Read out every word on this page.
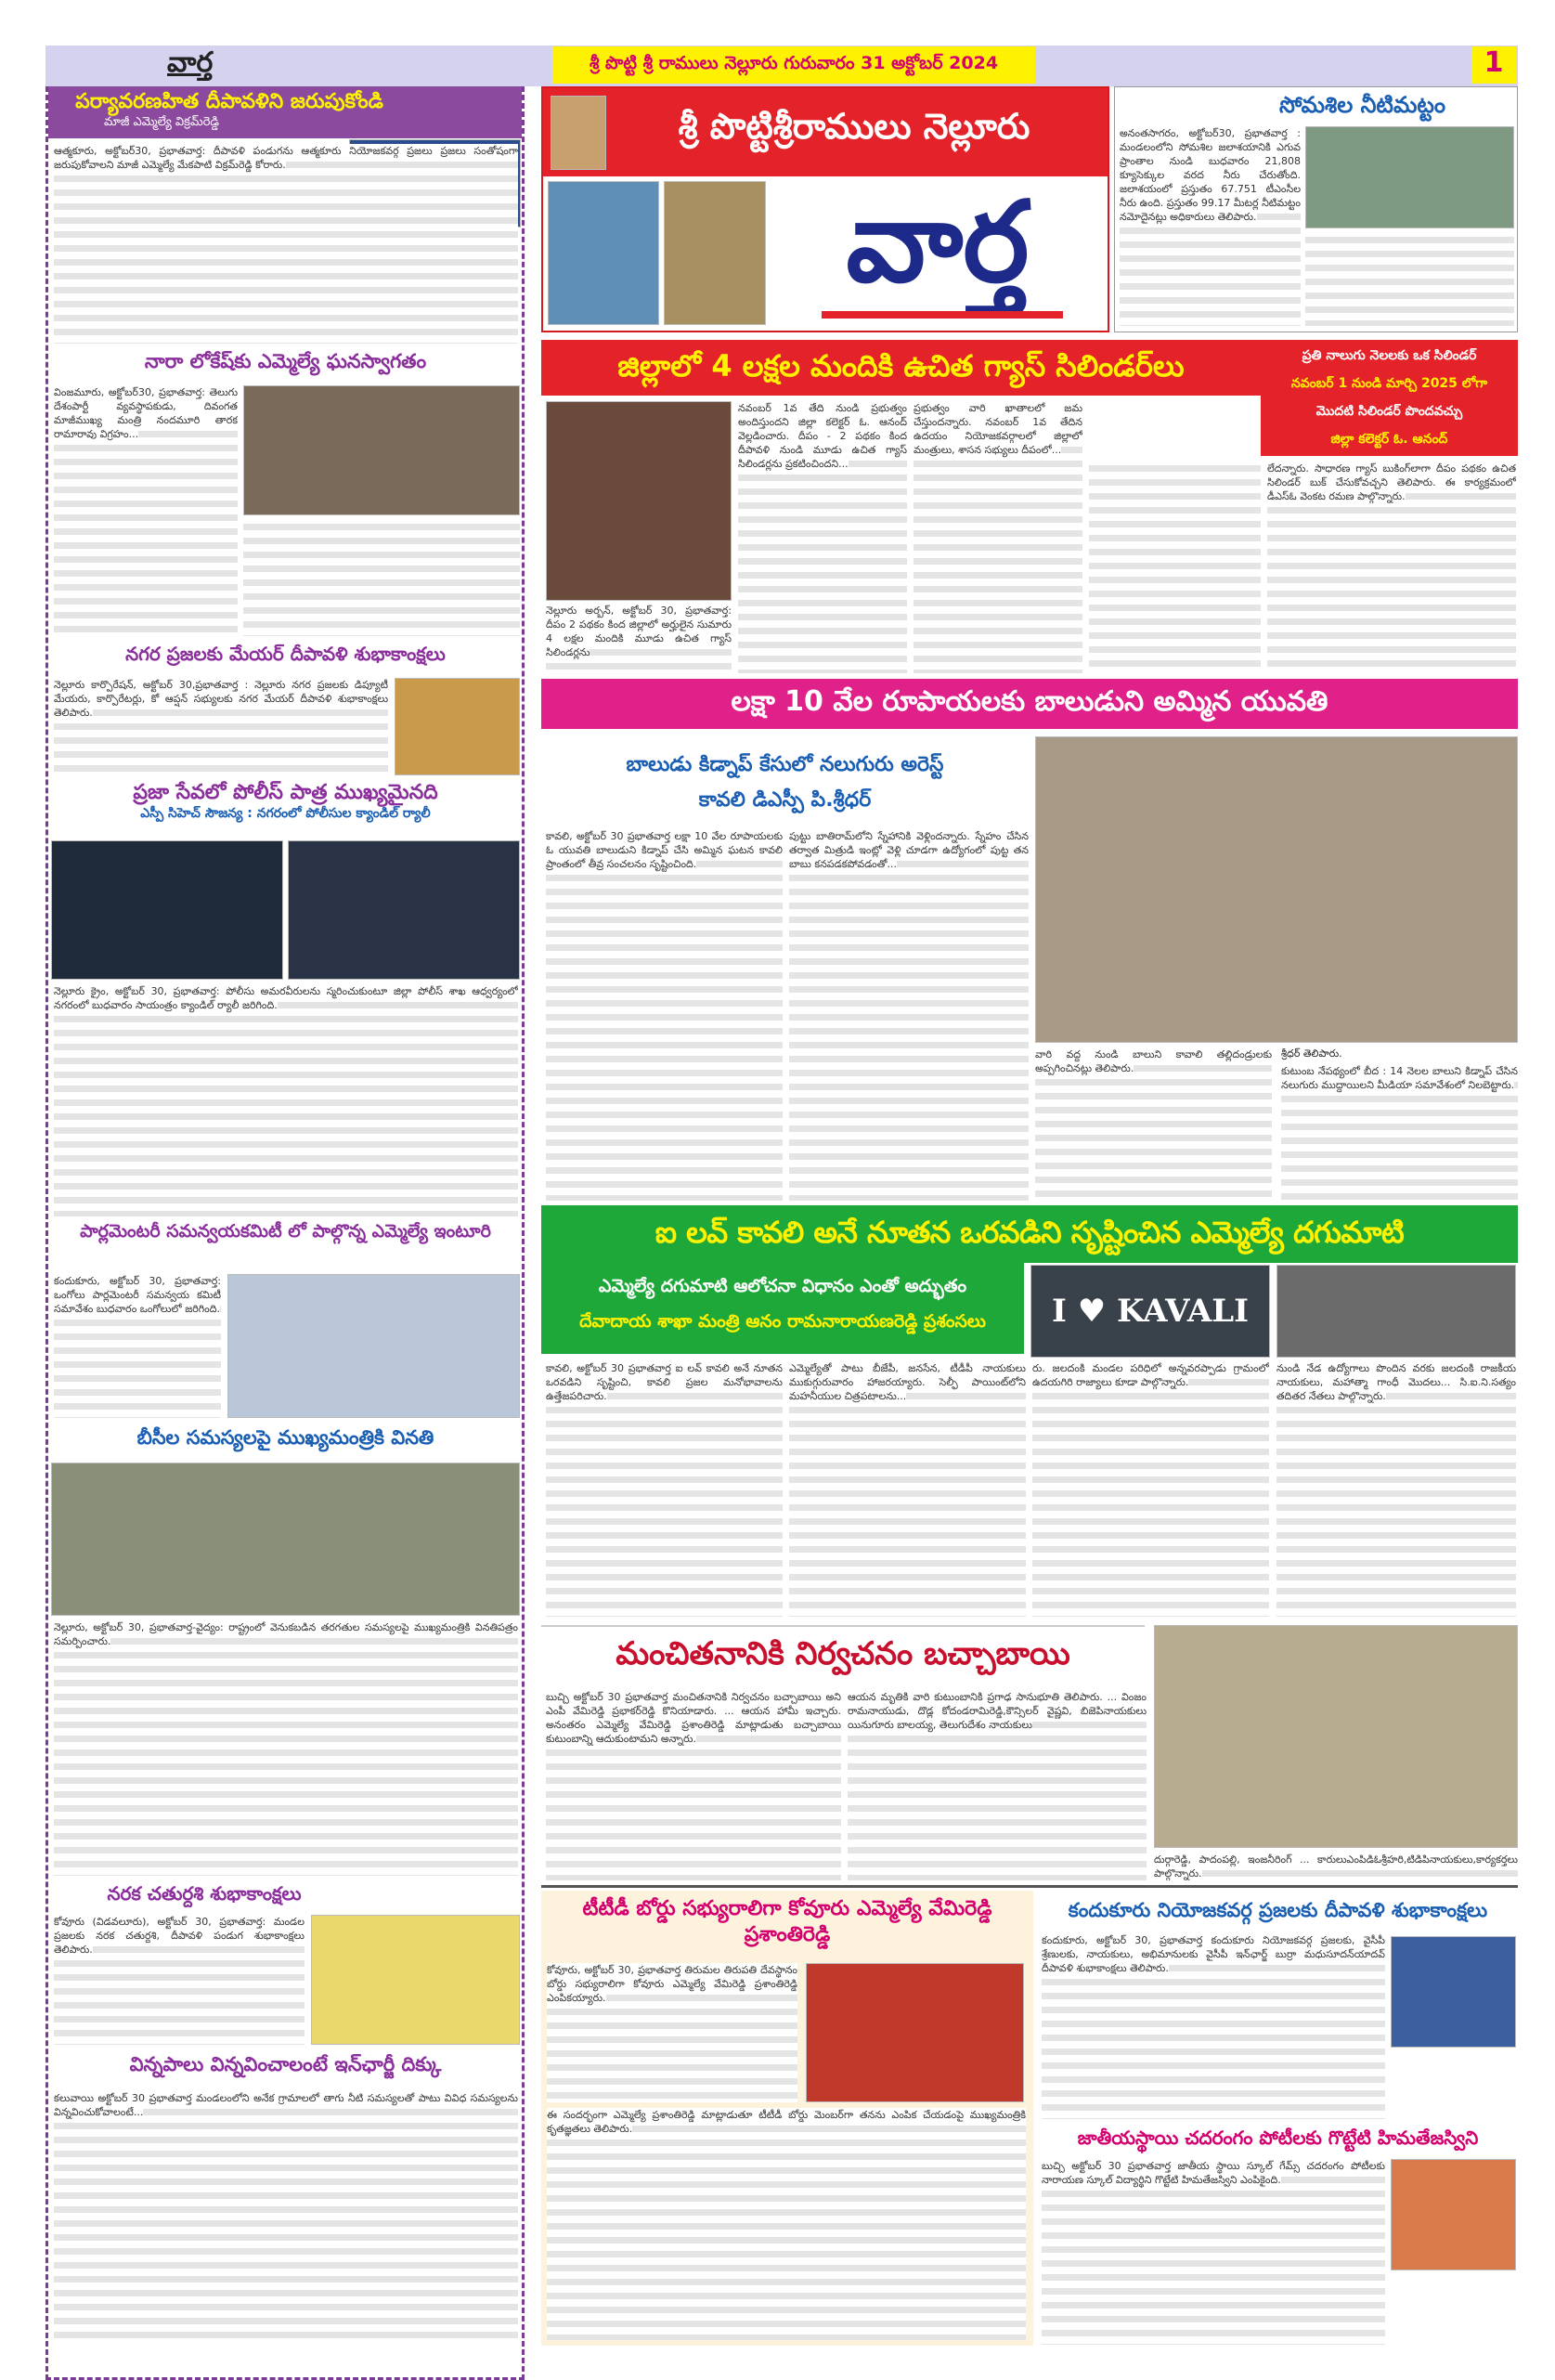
వార్త	శ్రీ పొట్టి శ్రీ రాములు నెల్లూరు గురువారం 31 అక్టోబర్ 2024	1
పర్యావరణహిత దీపావళిని జరుపుకోండి
మాజీ ఎమ్మెల్యే విక్రమ్‌రెడ్డి
ఆత్మకూరు, అక్టోబర్30, ప్రభాతవార్త: దీపావళి పండుగను ఆత్మకూరు నియోజకవర్గ ప్రజలు ప్రజలు సంతోషంగా జరుపుకోవాలని మాజీ ఎమ్మెల్యే మేకపాటి విక్రమ్‌రెడ్డి కోరారు.
నారా లోకేష్‌కు ఎమ్మెల్యే ఘనస్వాగతం
వింజమూరు, అక్టోబర్30, ప్రభాతవార్త: తెలుగు దేశంపార్టీ వ్యవస్థాపకుడు, దివంగత మాజీముఖ్య మంత్రి నందమూరి తారక రామారావు విగ్రహం...
నగర ప్రజలకు మేయర్ దీపావళి శుభాకాంక్షలు
నెల్లూరు కార్పొరేషన్, అక్టోబర్ 30,ప్రభాతవార్త : నెల్లూరు నగర ప్రజలకు డిప్యూటీ మేయరు, కార్పొరేటర్లు, కో ఆప్షన్ సభ్యులకు నగర మేయర్ దీపావళి శుభాకాంక్షలు తెలిపారు.
ప్రజా సేవలో పోలీస్ పాత్ర ముఖ్యమైనది
ఎస్పీ సిహెచ్ సౌజన్య : నగరంలో పోలీసుల క్యాండిల్ ర్యాలీ
నెల్లూరు క్రైం, అక్టోబర్ 30, ప్రభాతవార్త: పోలీసు అమరవీరులను స్మరించుకుంటూ జిల్లా పోలీస్ శాఖ ఆధ్వర్యంలో నగరంలో బుధవారం సాయంత్రం క్యాండిల్ ర్యాలీ జరిగింది.
పార్లమెంటరీ సమన్వయకమిటీ లో పాల్గొన్న ఎమ్మెల్యే ఇంటూరి
కందుకూరు, అక్టోబర్ 30, ప్రభాతవార్త: ఒంగోలు పార్లమెంటరీ సమన్వయ కమిటీ సమావేశం బుధవారం ఒంగోలులో జరిగింది.
బీసీల సమస్యలపై ముఖ్యమంత్రికి వినతి
నెల్లూరు, అక్టోబర్ 30, ప్రభాతవార్త-వైద్యం: రాష్ట్రంలో వెనుకబడిన తరగతుల సమస్యలపై ముఖ్యమంత్రికి వినతిపత్రం సమర్పించారు.
నరక చతుర్దశి శుభాకాంక్షలు
కోవూరు (విడవలూరు), అక్టోబర్ 30, ప్రభాతవార్త: మండల ప్రజలకు నరక చతుర్దశి, దీపావళి పండుగ శుభాకాంక్షలు తెలిపారు.
విన్నపాలు విన్నవించాలంటే ఇన్‌ఛార్జీ దిక్కు
కలువాయి అక్టోబర్ 30 ప్రభాతవార్త మండలంలోని అనేక గ్రామాలలో తాగు నీటి సమస్యలతో పాటు వివిధ సమస్యలను విన్నవించుకోవాలంటే...
శ్రీ పొట్టిశ్రీరాములు నెల్లూరు
వార్త
సోమశిల నీటిమట్టం
అనంతసాగరం, అక్టోబర్30, ప్రభాతవార్త : మండలంలోని సోమశిల జలాశయానికి ఎగువ ప్రాంతాల నుండి బుధవారం 21,808 క్యూసెక్కుల వరద నీరు చేరుతోంది. జలాశయంలో ప్రస్తుతం 67.751 టీఎంసీల నీరు ఉంది. ప్రస్తుతం 99.17 మీటర్ల నీటిమట్టం నమోదైనట్లు అధికారులు తెలిపారు.
జిల్లాలో 4 లక్షల మందికి ఉచిత గ్యాస్ సిలిండర్‌లు	ప్రతి నాలుగు నెలలకు ఒక సిలిండర్
నవంబర్ 1 నుండి మార్చి 2025 లోగా
మొదటి సిలిండర్ పొందవచ్చు
జిల్లా కలెక్టర్ ఓ. ఆనంద్
నెల్లూరు అర్బన్, అక్టోబర్ 30, ప్రభాతవార్త: దీపం 2 పథకం కింద జిల్లాలో అర్హులైన సుమారు 4 లక్షల మందికి మూడు ఉచిత గ్యాస్ సిలిండర్లను
నవంబర్ 1వ తేది నుండి ప్రభుత్వం అందిస్తుందని జిల్లా కలెక్టర్ ఓ. ఆనంద్ వెల్లడించారు. దీపం - 2 పథకం కింద దీపావళి నుండి మూడు ఉచిత గ్యాస్ సిలిండర్లను ప్రకటించిందని...
ప్రభుత్వం వారి ఖాతాలలో జమ చేస్తుందన్నారు. నవంబర్ 1వ తేదిన ఉదయం నియోజకవర్గాలలో జిల్లాలో మంత్రులు, శాసన సభ్యులు దీపంలో...
లేదన్నారు. సాధారణ గ్యాస్ బుకింగ్‌లాగా దీపం పథకం ఉచిత సిలిండర్ బుక్ చేసుకోవచ్చని తెలిపారు. ఈ కార్యక్రమంలో డీఎస్‌ఓ వెంకట రమణ పాల్గొన్నారు.
లక్షా 10 వేల రూపాయలకు బాలుడుని అమ్మిన యువతి
బాలుడు కిడ్నాప్ కేసులో నలుగురు అరెస్ట్
కావలి డిఎస్పీ పి.శ్రీధర్
కావలి, అక్టోబర్ 30 ప్రభాతవార్త లక్షా 10 వేల రూపాయలకు ఓ యువతి బాలుడుని కిడ్నాప్ చేసి అమ్మిన ఘటన కావలి ప్రాంతంలో తీవ్ర సంచలనం సృష్టించింది.
పుట్టు బాతిరామ్‌లోని స్నేహానికి వెళ్లిందన్నారు. స్నేహం చేసిన తర్వాత మిత్రుడి ఇంట్లో వెళ్లి చూడగా ఉద్యోగంలో పుట్ట తన బాబు కనపడకపోవడంతో...
వారి వద్ద నుండి బాలుని కావాలి తల్లిదండ్రులకు అప్పగించినట్లు తెలిపారు.
శ్రీధర్ తెలిపారు.
కుటుంబ నేపథ్యంలో బీద : 14 నెలల బాలుని కిడ్నాప్ చేసిన నలుగురు ముద్దాయిలని మీడియా సమావేశంలో నిలబెట్టారు.
ఐ లవ్ కావలి అనే నూతన ఒరవడిని సృష్టించిన ఎమ్మెల్యే దగుమాటి
ఎమ్మెల్యే దగుమాటి ఆలోచనా విధానం ఎంతో అద్భుతం
దేవాదాయ శాఖా మంత్రి ఆనం రామనారాయణరెడ్డి ప్రశంసలు	I ♥ KAVALI
కావలి, అక్టోబర్ 30 ప్రభాతవార్త ఐ లవ్ కావలి అనే నూతన ఒరవడిని సృష్టించి, కావలి ప్రజల మనోభావాలను ఉత్తేజపరిచారు.
ఎమ్మెల్యేతో పాటు బీజేపీ, జనసేన, టీడీపీ నాయకులు ముకుగ్గురువారం హాజరయ్యారు. సెల్ఫీ పాయింట్‌లోని మహనీయుల చిత్రపటాలను...
రు. జలదంకి మండల పరిధిలో అన్నవరప్పాడు గ్రామంలో ఉదయగిరి రాజ్యాలు కూడా పాల్గొన్నారు.
నుండి నేడ ఉద్యోగాలు పొందిన వరకు జలదంకి రాజకీయ నాయకులు, మహాత్మా గాంధీ మొదలు... సి.ఐ.ని.సత్యం తదితర నేతలు పాల్గొన్నారు.
మంచితనానికి నిర్వచనం బచ్చాబాయి
బుచ్చి అక్టోబర్ 30 ప్రభాతవార్త మంచితనానికి నిర్వచనం బచ్చాబాయి అని ఎంపీ వేమిరెడ్డి ప్రభాకర్‌రెడ్డి కొనియాడారు. ... ఆయన హామీ ఇచ్చారు. అనంతరం ఎమ్మెల్యే వేమిరెడ్డి ప్రశాంతిరెడ్డి మాట్లాడుతు బచ్చాబాయి కుటుంబాన్ని ఆదుకుంటామని అన్నారు.
ఆయన మృతికి వారి కుటుంబానికి ప్రగాఢ సానుభూతి తెలిపారు. ... వింజం రామనాయుడు, దొడ్ల కోదండరామిరెడ్డి,కౌన్సిలర్ వైష్ణవి, బిజెపినాయకులు యినుగూరు బాలయ్య, తెలుగుదేశం నాయకులు
దుర్గారెడ్డి, పాదంపల్లి, ఇంజనీరింగ్ ... కారులుఎంపిడిఓశ్రీహరి,టిడిపినాయకులు,కార్యకర్తలు పాల్గొన్నారు.
టీటీడీ బోర్డు సభ్యురాలిగా కోవూరు ఎమ్మెల్యే వేమిరెడ్డి ప్రశాంతిరెడ్డి
కోవూరు, అక్టోబర్ 30, ప్రభాతవార్త తిరుమల తిరుపతి దేవస్థానం బోర్డు సభ్యురాలిగా కోవూరు ఎమ్మెల్యే వేమిరెడ్డి ప్రశాంతిరెడ్డి ఎంపికయ్యారు.
ఈ సందర్భంగా ఎమ్మెల్యే ప్రశాంతిరెడ్డి మాట్లాడుతూ టీటీడీ బోర్డు మెంబర్‌గా తనను ఎంపిక చేయడంపై ముఖ్యమంత్రికి కృతజ్ఞతలు తెలిపారు.
కందుకూరు నియోజకవర్గ ప్రజలకు దీపావళి శుభాకాంక్షలు
కందుకూరు, అక్టోబర్ 30, ప్రభాతవార్త కందుకూరు నియోజకవర్గ ప్రజలకు, వైసీపీ శ్రేణులకు, నాయకులు, అభిమానులకు వైసీపీ ఇన్‌ఛార్జ్ బుర్రా మధుసూదన్‌యాదవ్ దీపావళి శుభాకాంక్షలు తెలిపారు.
జాతీయస్థాయి చదరంగం పోటీలకు గొట్టేటి హిమతేజస్విని
బుచ్చి అక్టోబర్ 30 ప్రభాతవార్త జాతీయ స్థాయి స్కూల్ గేమ్స్ చదరంగం పోటీలకు నారాయణ స్కూల్ విద్యార్థిని గొట్టేటి హిమతేజస్విని ఎంపికైంది.
